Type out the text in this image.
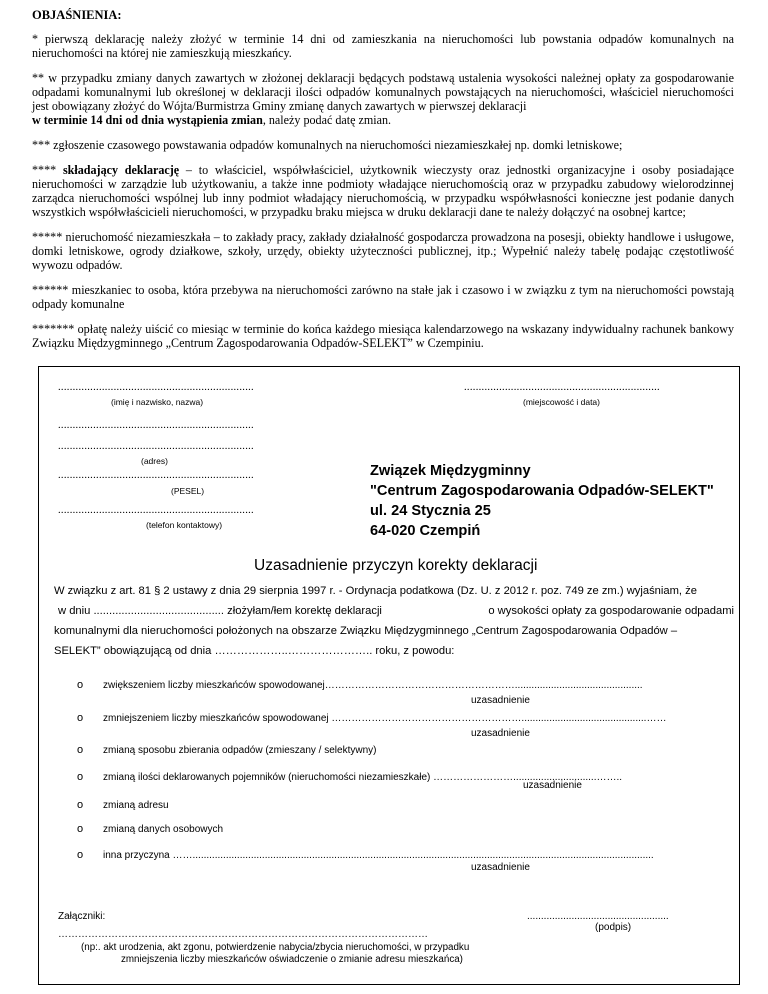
OBJAŚNIENIA:

* pierwszą deklarację należy złożyć w terminie 14 dni od zamieszkania na nieruchomości lub powstania odpadów komunalnych na nieruchomości na której nie zamieszkują mieszkańcy.

** w przypadku zmiany danych zawartych w złożonej deklaracji będących podstawą ustalenia wysokości należnej opłaty za gospodarowanie odpadami komunalnymi lub określonej w deklaracji ilości odpadów komunalnych powstających na nieruchomości, właściciel nieruchomości jest obowiązany złożyć do Wójta/Burmistrza Gminy zmianę danych zawartych w pierwszej deklaracji
w terminie 14 dni od dnia wystąpienia zmian, należy podać datę zmian.

*** zgłoszenie czasowego powstawania odpadów komunalnych na nieruchomości niezamieszkałej np. domki letniskowe;

**** składający deklarację – to właściciel, współwłaściciel, użytkownik wieczysty oraz jednostki organizacyjne i osoby posiadające nieruchomości w zarządzie lub użytkowaniu, a także inne podmioty władające nieruchomością oraz w przypadku zabudowy wielorodzinnej zarządca nieruchomości wspólnej lub inny podmiot władający nieruchomością, w przypadku współwłasności konieczne jest podanie danych wszystkich współwłaścicieli nieruchomości, w przypadku braku miejsca w druku deklaracji dane te należy dołączyć na osobnej kartce;

***** nieruchomość niezamieszkała – to zakłady pracy, zakłady działalność gospodarcza prowadzona na posesji, obiekty handlowe i usługowe, domki letniskowe, ogrody działkowe, szkoły, urzędy, obiekty użyteczności publicznej, itp.; Wypełnić należy tabelę podając częstotliwość wywozu odpadów.

****** mieszkaniec to osoba, która przebywa na nieruchomości zarówno na stałe jak i czasowo i w związku z tym na nieruchomości powstają odpady komunalne

******* opłatę należy uiścić co miesiąc w terminie do końca każdego miesiąca kalendarzowego na wskazany indywidualny rachunek bankowy Związku Międzygminnego „Centrum Zagospodarowania Odpadów-SELEKT” w Czempiniu.

...................................................................
(imię i nazwisko, nazwa)
...................................................................
(miejscowość i data)
...................................................................
...................................................................
(adres)
...................................................................
(PESEL)
...................................................................
(telefon kontaktowy)
Związek Międzygminny
"Centrum Zagospodarowania Odpadów-SELEKT"
ul. 24 Stycznia 25
64-020 Czempiń
Uzasadnienie przyczyn korekty deklaracji
W związku z art. 81 § 2 ustawy z dnia 29 sierpnia 1997 r. - Ordynacja podatkowa (Dz. U. z 2012 r. poz. 749 ze zm.) wyjaśniam, że
w dniu .......................................... złożyłam/łem korektę deklaracji	o wysokości opłaty za gospodarowanie odpadami
komunalnymi dla nieruchomości położonych na obszarze Związku Międzygminnego „Centrum Zagospodarowania Odpadów –
SELEKT” obowiązującą od dnia ………………..………………….. roku, z powodu:
o zwiększeniem liczby mieszkańców spowodowanej…………………………………………………..............................................
uzasadnienie
o zmniejszeniem liczby mieszkańców spowodowanej ………………………………………………….............................................……
uzasadnienie
o zmianą sposobu zbierania odpadów (zmieszany / selektywny)
o zmianą ilości deklarowanych pojemników (nieruchomości niezamieszkałe) ……………………..............................……..
uzasadnienie
o zmianą adresu
o zmianą danych osobowych
o inna przyczyna ……......................................................................................................................................................................
uzasadnienie
Załączniki:	...................................................
(podpis)
…………………………………………………………………………………………………
(np:. akt urodzenia, akt zgonu, potwierdzenie nabycia/zbycia nieruchomości, w przypadku
zmniejszenia liczby mieszkańców oświadczenie o zmianie adresu mieszkańca)
